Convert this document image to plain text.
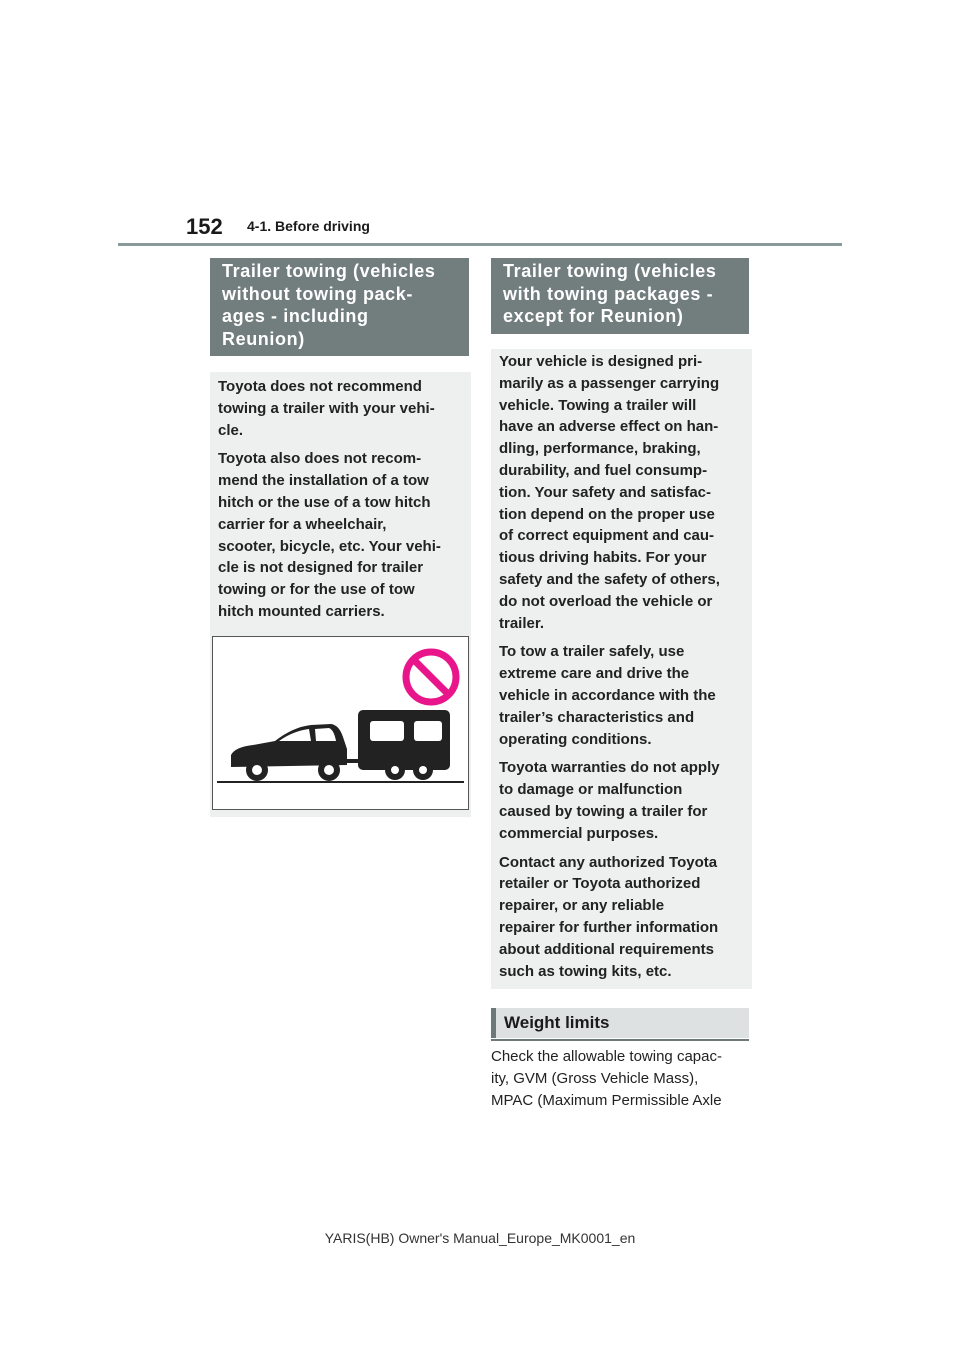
152 4-1. Before driving
Trailer towing (vehicles
without towing pack-
ages - including
Reunion)

Toyota does not recommend
towing a trailer with your vehi-
cle.

Toyota also does not recom-
mend the installation of a tow
hitch or the use of a tow hitch
carrier for a wheelchair,
scooter, bicycle, etc. Your vehi-
cle is not designed for trailer
towing or for the use of tow
hitch mounted carriers.

Trailer towing (vehicles
with towing packages -
except for Reunion)

Your vehicle is designed pri-
marily as a passenger carrying
vehicle. Towing a trailer will
have an adverse effect on han-
dling, performance, braking,
durability, and fuel consump-
tion. Your safety and satisfac-
tion depend on the proper use
of correct equipment and cau-
tious driving habits. For your
safety and the safety of others,
do not overload the vehicle or
trailer.

To tow a trailer safely, use
extreme care and drive the
vehicle in accordance with the
trailer’s characteristics and
operating conditions.

Toyota warranties do not apply
to damage or malfunction
caused by towing a trailer for
commercial purposes.

Contact any authorized Toyota
retailer or Toyota authorized
repairer, or any reliable
repairer for further information
about additional requirements
such as towing kits, etc.

Weight limits

Check the allowable towing capac-

ity, GVM (Gross Vehicle Mass),

MPAC (Maximum Permissible Axle

YARIS(HB) Owner's Manual_Europe_MK0001_en
